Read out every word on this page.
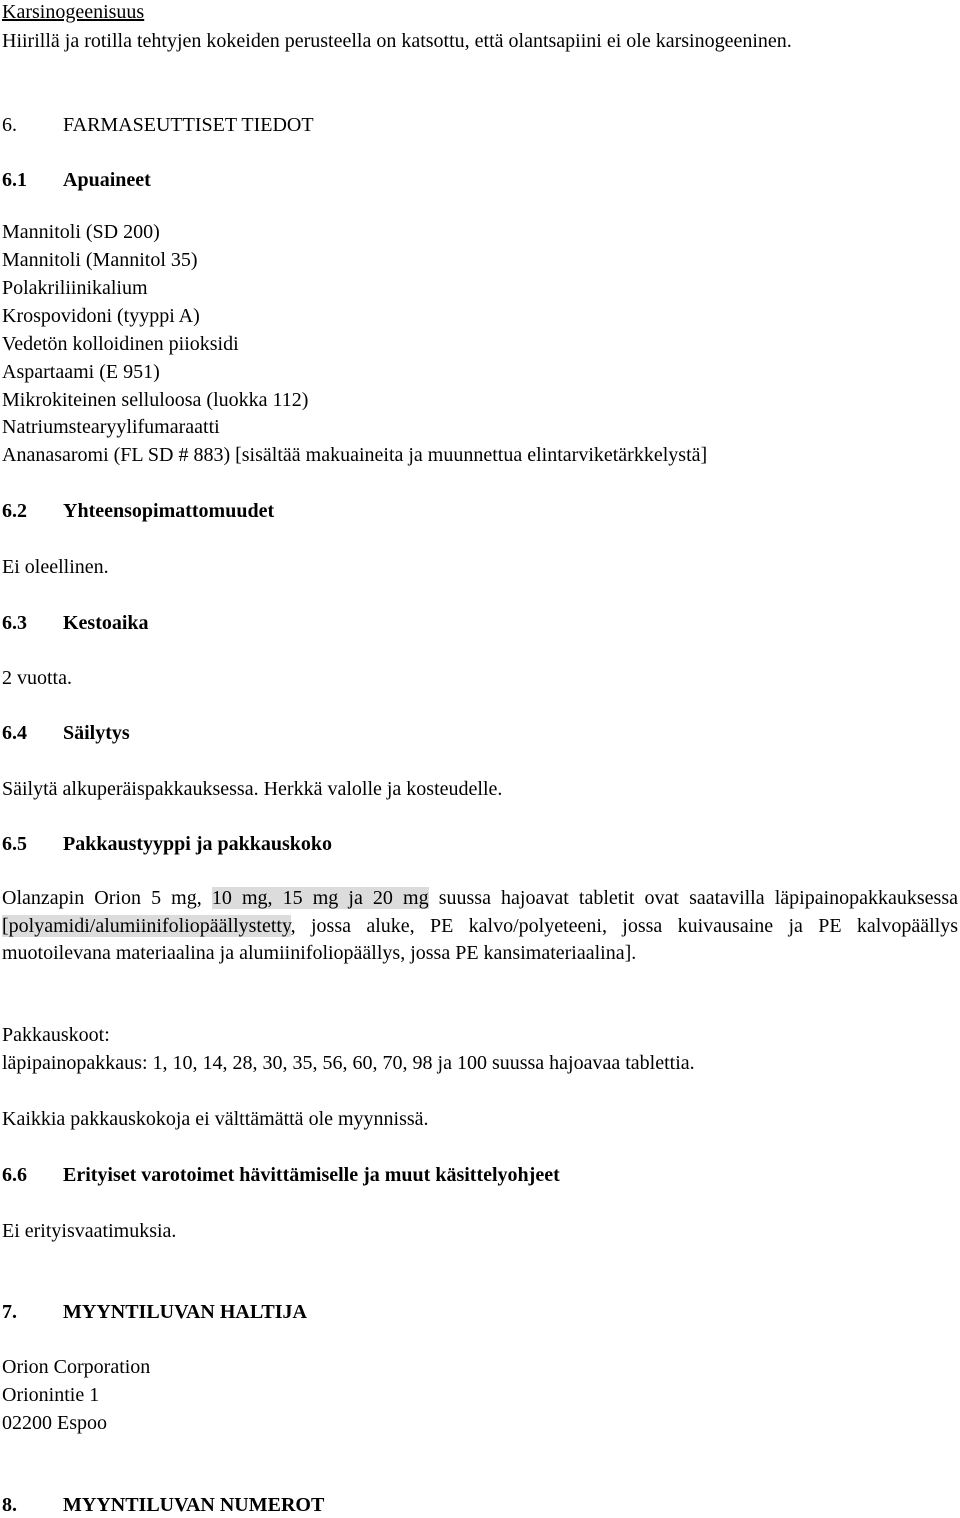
Karsinogeenisuus
Hiirillä ja rotilla tehtyjen kokeiden perusteella on katsottu, että olantsapiini ei ole karsinogeeninen.
6. FARMASEUTTISET TIEDOT
6.1 Apuaineet
Mannitoli (SD 200)
Mannitoli (Mannitol 35)
Polakriliinikalium
Krospovidoni (tyyppi A)
Vedetön kolloidinen piioksidi
Aspartaami (E 951)
Mikrokiteinen selluloosa (luokka 112)
Natriumstearyylifumaraatti
Ananasaromi (FL SD # 883) [sisältää makuaineita ja muunnettua elintarviketärkkelystä]
6.2 Yhteensopimattomuudet
Ei oleellinen.
6.3 Kestoaika
2 vuotta.
6.4 Säilytys
Säilytä alkuperäispakkauksessa. Herkkä valolle ja kosteudelle.
6.5 Pakkaustyyppi ja pakkauskoko
Olanzapin Orion 5 mg, 10 mg, 15 mg ja 20 mg suussa hajoavat tabletit ovat saatavilla läpipainopakkauksessa [polyamidi/alumiinifoliopäällystetty, jossa aluke, PE kalvo/polyeteeni, jossa kuivausaine ja PE kalvopäällys muotoilevana materiaalina ja alumiinifoliopäällys, jossa PE kansimateriaalina].
Pakkauskoot:
läpipainopakkaus: 1, 10, 14, 28, 30, 35, 56, 60, 70, 98 ja 100 suussa hajoavaa tablettia.
Kaikkia pakkauskokoja ei välttämättä ole myynnissä.
6.6 Erityiset varotoimet hävittämiselle ja muut käsittelyohjeet
Ei erityisvaatimuksia.
7. MYYNTILUVAN HALTIJA
Orion Corporation
Orionintie 1
02200 Espoo
8. MYYNTILUVAN NUMEROT
